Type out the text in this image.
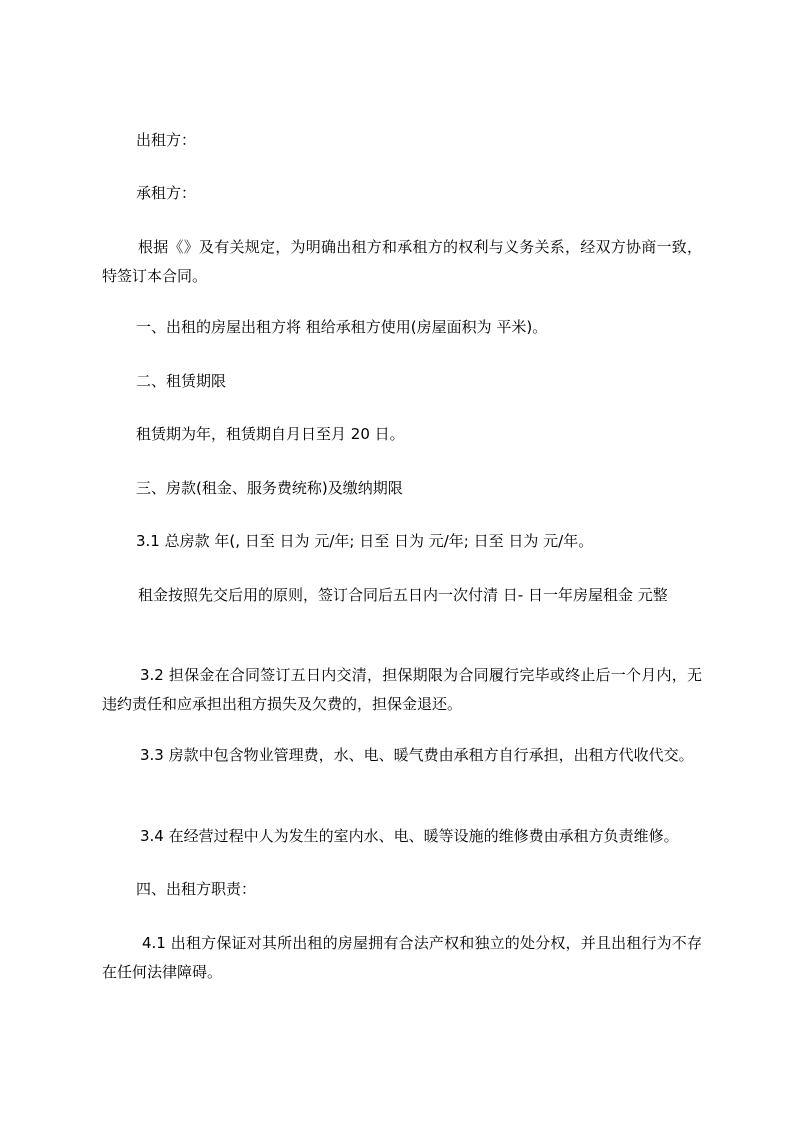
出租方：

承租方：

根据《》及有关规定，为明确出租方和承租方的权利与义务关系，经双方协商一致，特签订本合同。

一、出租的房屋出租方将 租给承租方使用(房屋面积为 平米)。

二、租赁期限

租赁期为年，租赁期自月日至月 20 日。

三、房款(租金、服务费统称)及缴纳期限

3.1 总房款 年(, 日至 日为 元/年; 日至 日为 元/年; 日至 日为 元/年。

租金按照先交后用的原则，签订合同后五日内一次付清 日- 日一年房屋租金 元整

3.2 担保金在合同签订五日内交清，担保期限为合同履行完毕或终止后一个月内，无违约责任和应承担出租方损失及欠费的，担保金退还。

3.3 房款中包含物业管理费，水、电、暖气费由承租方自行承担，出租方代收代交。

3.4 在经营过程中人为发生的室内水、电、暖等设施的维修费由承租方负责维修。

四、出租方职责：

4.1 出租方保证对其所出租的房屋拥有合法产权和独立的处分权，并且出租行为不存在任何法律障碍。
